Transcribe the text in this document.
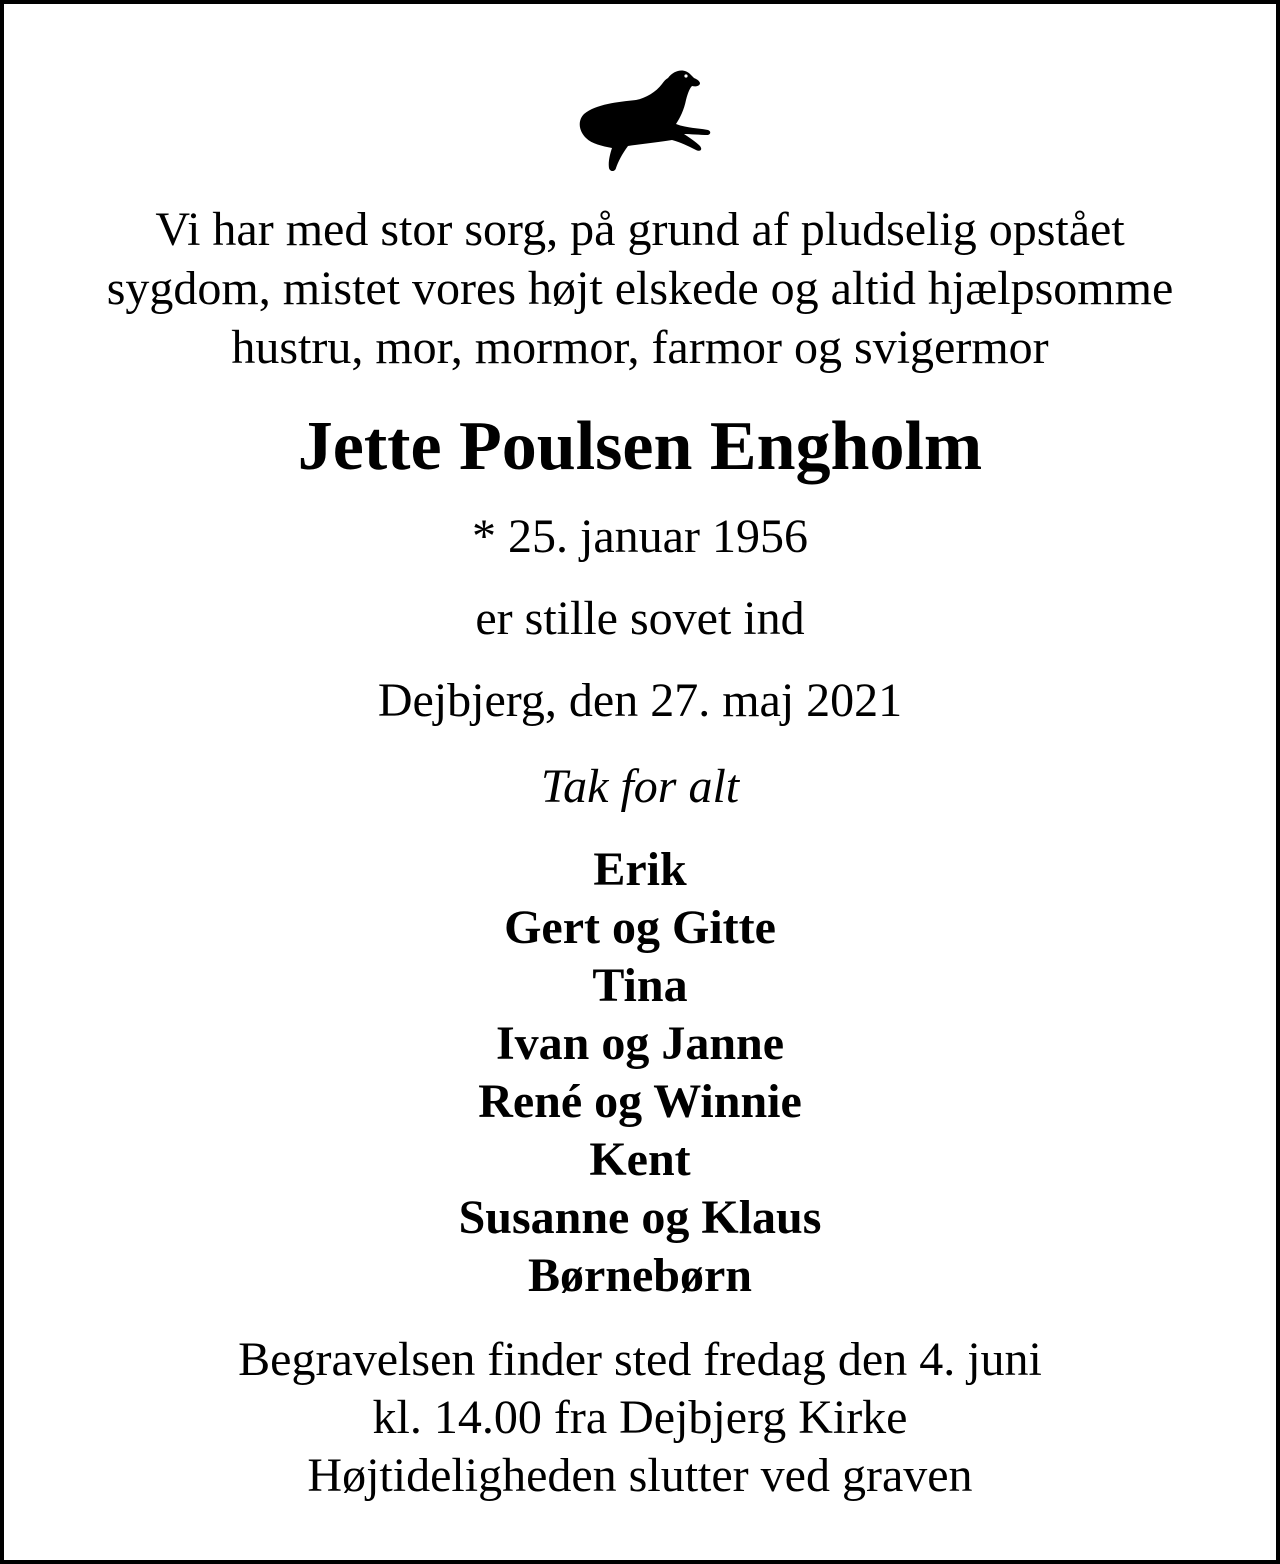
Vi har med stor sorg, på grund af pludselig opstået
sygdom, mistet vores højt elskede og altid hjælpsomme
hustru, mor, mormor, farmor og svigermor
Jette Poulsen Engholm
* 25. januar 1956
er stille sovet ind
Dejbjerg, den 27. maj 2021
Tak for alt
Erik
Gert og Gitte
Tina
Ivan og Janne
René og Winnie
Kent
Susanne og Klaus
Børnebørn
Begravelsen finder sted fredag den 4. juni
kl. 14.00 fra Dejbjerg Kirke
Højtideligheden slutter ved graven
